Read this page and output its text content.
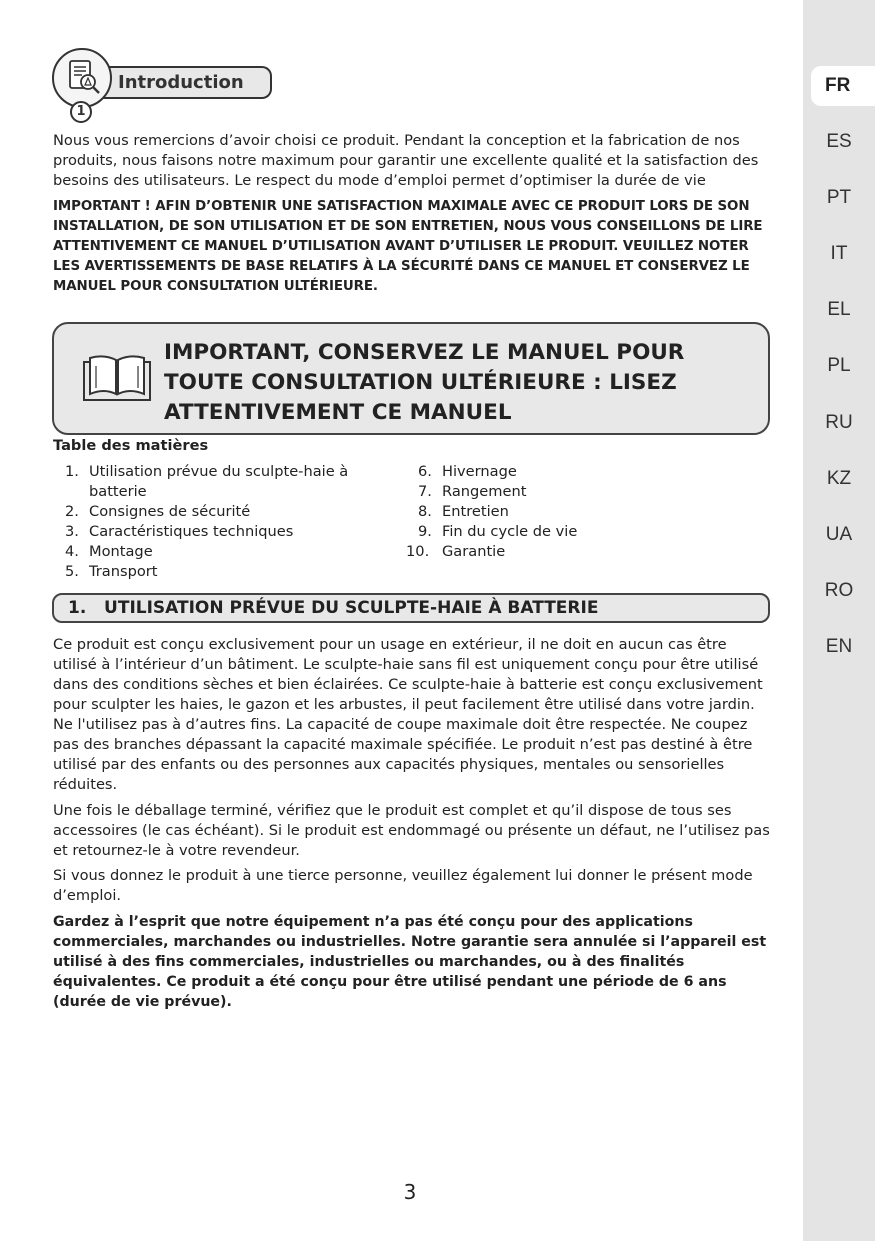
FR
ES
PT
IT
EL
PL
RU
KZ
UA
RO
EN
Introduction
1

Nous vous remercions d’avoir choisi ce produit. Pendant la conception et la fabrication de nos produits, nous faisons notre maximum pour garantir une excellente qualité et la satisfaction des besoins des utilisateurs. Le respect du mode d’emploi permet d’optimiser la durée de vie

IMPORTANT ! AFIN D’OBTENIR UNE SATISFACTION MAXIMALE AVEC CE PRODUIT LORS DE SON INSTALLATION, DE SON UTILISATION ET DE SON ENTRETIEN, NOUS VOUS CONSEILLONS DE LIRE ATTENTIVEMENT CE MANUEL D’UTILISATION AVANT D’UTILISER LE PRODUIT. VEUILLEZ NOTER LES AVERTISSEMENTS DE BASE RELATIFS À LA SÉCURITÉ DANS CE MANUEL ET CONSERVEZ LE MANUEL POUR CONSULTATION ULTÉRIEURE.

IMPORTANT, CONSERVEZ LE MANUEL POUR
TOUTE CONSULTATION ULTÉRIEURE : LISEZ
ATTENTIVEMENT CE MANUEL
Table des matières
1. Utilisation prévue du sculpte-haie à batterie
2. Consignes de sécurité
3. Caractéristiques techniques
4. Montage
5. Transport
6. Hivernage
7. Rangement
8. Entretien
9. Fin du cycle de vie
10. Garantie
1.   UTILISATION PRÉVUE DU SCULPTE-HAIE À BATTERIE

Ce produit est conçu exclusivement pour un usage en extérieur, il ne doit en aucun cas être utilisé à l’intérieur d’un bâtiment. Le sculpte-haie sans fil est uniquement conçu pour être utilisé dans des conditions sèches et bien éclairées. Ce sculpte-haie à batterie est conçu exclusivement pour sculpter les haies, le gazon et les arbustes, il peut facilement être utilisé dans votre jardin. Ne l'utilisez pas à d’autres fins. La capacité de coupe maximale doit être respectée. Ne coupez pas des branches dépassant la capacité maximale spécifiée. Le produit n’est pas destiné à être utilisé par des enfants ou des personnes aux capacités physiques, mentales ou sensorielles réduites.

Une fois le déballage terminé, vérifiez que le produit est complet et qu’il dispose de tous ses accessoires (le cas échéant). Si le produit est endommagé ou présente un défaut, ne l’utilisez pas et retournez-le à votre revendeur.

Si vous donnez le produit à une tierce personne, veuillez également lui donner le présent mode d’emploi.

Gardez à l’esprit que notre équipement n’a pas été conçu pour des applications commerciales, marchandes ou industrielles. Notre garantie sera annulée si l’appareil est utilisé à des fins commerciales, industrielles ou marchandes, ou à des finalités équivalentes. Ce produit a été conçu pour être utilisé pendant une période de 6 ans (durée de vie prévue).

3
